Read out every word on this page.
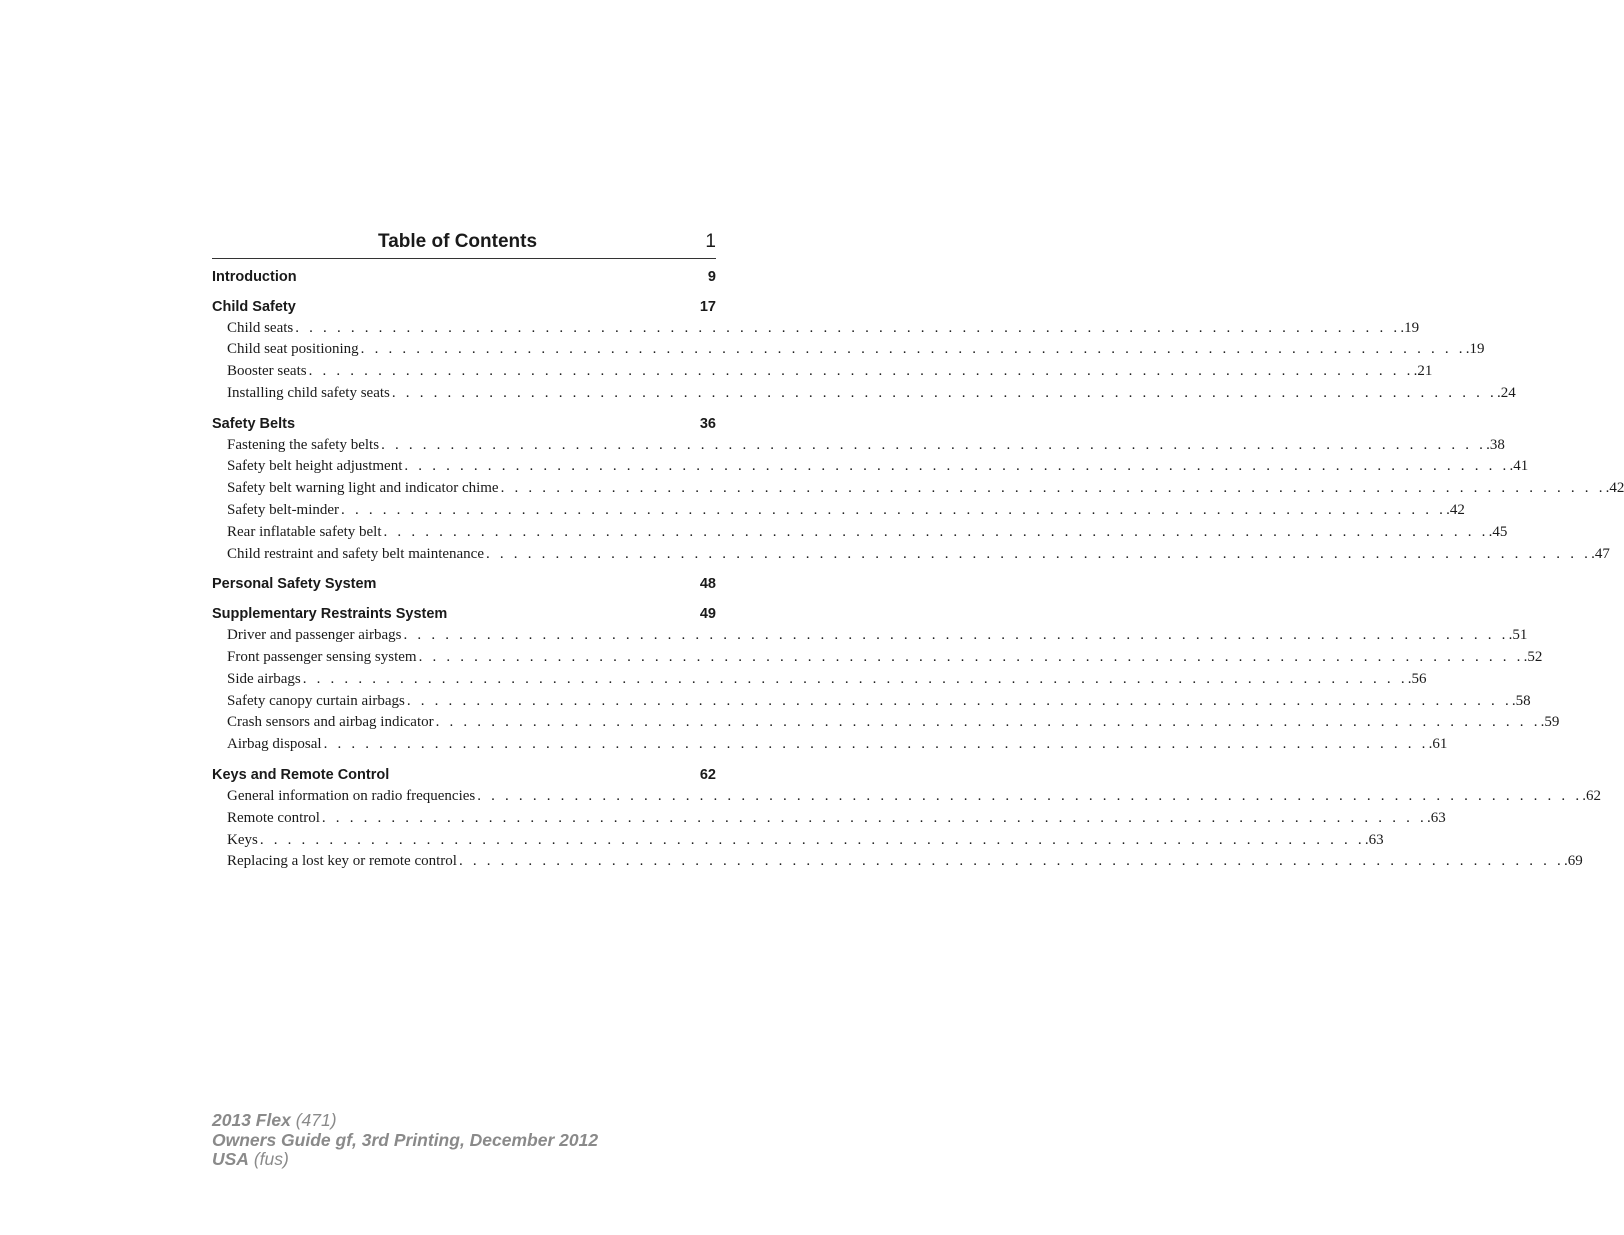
Table of Contents	1
Introduction	9
Child Safety	17
Child seats . . . . . . . . . . . . . . . . . . . . . . . . . . . . . . . . . . . . . . . . . . . . . . . . . . . . . . . . . . . . . . . . . . . . . . . . . . . . . . . . .19
Child seat positioning . . . . . . . . . . . . . . . . . . . . . . . . . . . . . . . . . . . . . . . . . . . . . . . . . . . . . . . . . . . . . . . . . . . . . . . . . . . . . . . . .19
Booster seats . . . . . . . . . . . . . . . . . . . . . . . . . . . . . . . . . . . . . . . . . . . . . . . . . . . . . . . . . . . . . . . . . . . . . . . . . . . . . . . . .21
Installing child safety seats . . . . . . . . . . . . . . . . . . . . . . . . . . . . . . . . . . . . . . . . . . . . . . . . . . . . . . . . . . . . . . . . . . . . . . . . . . . . . . . . .24
Safety Belts	36
Fastening the safety belts . . . . . . . . . . . . . . . . . . . . . . . . . . . . . . . . . . . . . . . . . . . . . . . . . . . . . . . . . . . . . . . . . . . . . . . . . . . . . . . . .38
Safety belt height adjustment . . . . . . . . . . . . . . . . . . . . . . . . . . . . . . . . . . . . . . . . . . . . . . . . . . . . . . . . . . . . . . . . . . . . . . . . . . . . . . . . .41
Safety belt warning light and indicator chime . . . . . . . . . . . . . . . . . . . . . . . . . . . . . . . . . . . . . . . . . . . . . . . . . . . . . . . . . . . . . . . . . . . . . . . . . . . . . . . . .42
Safety belt-minder . . . . . . . . . . . . . . . . . . . . . . . . . . . . . . . . . . . . . . . . . . . . . . . . . . . . . . . . . . . . . . . . . . . . . . . . . . . . . . . . .42
Rear inflatable safety belt . . . . . . . . . . . . . . . . . . . . . . . . . . . . . . . . . . . . . . . . . . . . . . . . . . . . . . . . . . . . . . . . . . . . . . . . . . . . . . . . .45
Child restraint and safety belt maintenance . . . . . . . . . . . . . . . . . . . . . . . . . . . . . . . . . . . . . . . . . . . . . . . . . . . . . . . . . . . . . . . . . . . . . . . . . . . . . . . . .47
Personal Safety System	48
Supplementary Restraints System	49
Driver and passenger airbags . . . . . . . . . . . . . . . . . . . . . . . . . . . . . . . . . . . . . . . . . . . . . . . . . . . . . . . . . . . . . . . . . . . . . . . . . . . . . . . . .51
Front passenger sensing system . . . . . . . . . . . . . . . . . . . . . . . . . . . . . . . . . . . . . . . . . . . . . . . . . . . . . . . . . . . . . . . . . . . . . . . . . . . . . . . . .52
Side airbags . . . . . . . . . . . . . . . . . . . . . . . . . . . . . . . . . . . . . . . . . . . . . . . . . . . . . . . . . . . . . . . . . . . . . . . . . . . . . . . . .56
Safety canopy curtain airbags . . . . . . . . . . . . . . . . . . . . . . . . . . . . . . . . . . . . . . . . . . . . . . . . . . . . . . . . . . . . . . . . . . . . . . . . . . . . . . . . .58
Crash sensors and airbag indicator . . . . . . . . . . . . . . . . . . . . . . . . . . . . . . . . . . . . . . . . . . . . . . . . . . . . . . . . . . . . . . . . . . . . . . . . . . . . . . . . .59
Airbag disposal . . . . . . . . . . . . . . . . . . . . . . . . . . . . . . . . . . . . . . . . . . . . . . . . . . . . . . . . . . . . . . . . . . . . . . . . . . . . . . . . .61
Keys and Remote Control	62
General information on radio frequencies . . . . . . . . . . . . . . . . . . . . . . . . . . . . . . . . . . . . . . . . . . . . . . . . . . . . . . . . . . . . . . . . . . . . . . . . . . . . . . . . .62
Remote control . . . . . . . . . . . . . . . . . . . . . . . . . . . . . . . . . . . . . . . . . . . . . . . . . . . . . . . . . . . . . . . . . . . . . . . . . . . . . . . . .63
Keys . . . . . . . . . . . . . . . . . . . . . . . . . . . . . . . . . . . . . . . . . . . . . . . . . . . . . . . . . . . . . . . . . . . . . . . . . . . . . . . . .63
Replacing a lost key or remote control . . . . . . . . . . . . . . . . . . . . . . . . . . . . . . . . . . . . . . . . . . . . . . . . . . . . . . . . . . . . . . . . . . . . . . . . . . . . . . . . .69
2013 Flex (471)
Owners Guide gf, 3rd Printing, December 2012
USA (fus)
